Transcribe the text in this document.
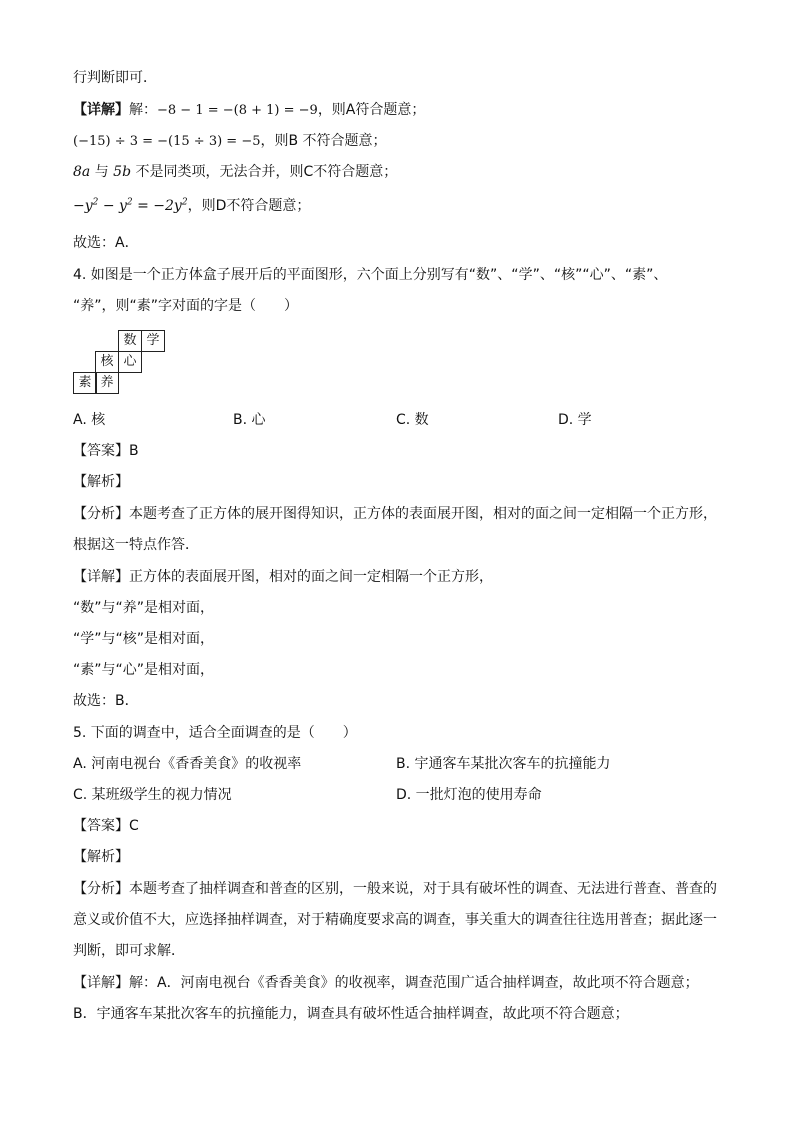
行判断即可．
【详解】解：−8 − 1 = −(8 + 1) = −9，则A符合题意；
(−15) ÷ 3 = −(15 ÷ 3) = −5，则B 不符合题意；
8a 与 5b 不是同类项，无法合并，则C不符合题意；
$-y^2 - y^2 = -2y^2$，则D不符合题意；
故选：A．
4. 如图是一个正方体盒子展开后的平面图形，六个面上分别写有“数”、“学”、“核”“心”、“素”、
“养”，则“素”字对面的字是（　　）
数 学
核 心
素 养
A. 核	B. 心	C. 数	D. 学
【答案】B
【解析】
【分析】本题考查了正方体的展开图得知识，正方体的表面展开图，相对的面之间一定相隔一个正方形，
根据这一特点作答．
【详解】正方体的表面展开图，相对的面之间一定相隔一个正方形，
“数”与“养”是相对面，
“学”与“核”是相对面，
“素”与“心”是相对面，
故选：B．
5. 下面的调查中，适合全面调查的是（　　）
A. 河南电视台《香香美食》的收视率	B. 宇通客车某批次客车的抗撞能力
C. 某班级学生的视力情况	D. 一批灯泡的使用寿命
【答案】C
【解析】
【分析】本题考查了抽样调查和普查的区别，一般来说，对于具有破坏性的调查、无法进行普查、普查的
意义或价值不大，应选择抽样调查，对于精确度要求高的调查，事关重大的调查往往选用普查；据此逐一
判断，即可求解．
【详解】解：A．河南电视台《香香美食》的收视率，调查范围广适合抽样调查，故此项不符合题意；
B．宇通客车某批次客车的抗撞能力，调查具有破坏性适合抽样调查，故此项不符合题意；
